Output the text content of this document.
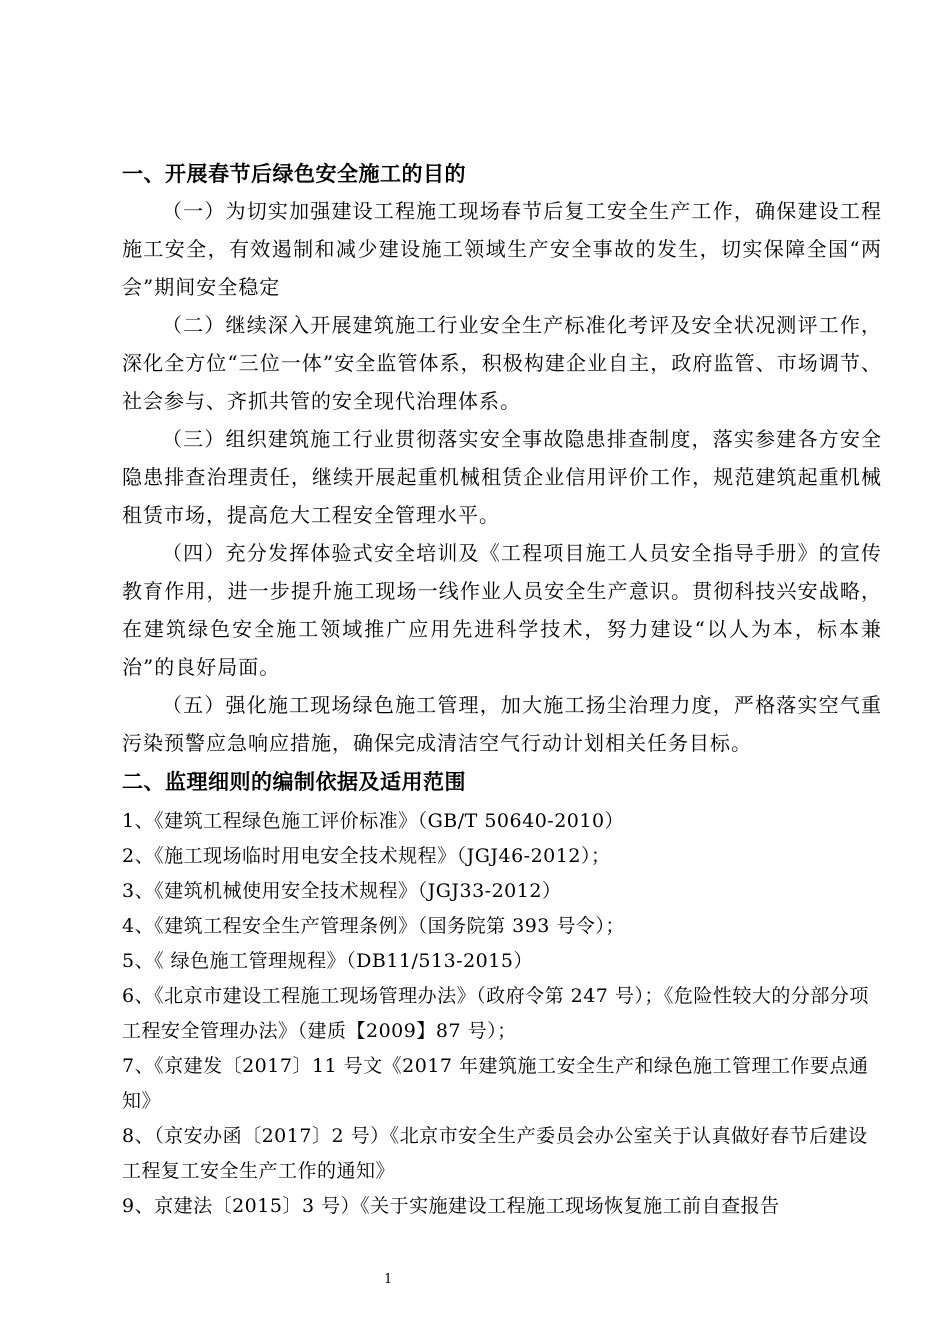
一、开展春节后绿色安全施工的目的

（一）为切实加强建设工程施工现场春节后复工安全生产工作，确保建设工程施工安全，有效遏制和减少建设施工领域生产安全事故的发生，切实保障全国“两会”期间安全稳定

（二）继续深入开展建筑施工行业安全生产标准化考评及安全状况测评工作，深化全方位“三位一体”安全监管体系，积极构建企业自主，政府监管、市场调节、社会参与、齐抓共管的安全现代治理体系。

（三）组织建筑施工行业贯彻落实安全事故隐患排查制度，落实参建各方安全隐患排查治理责任，继续开展起重机械租赁企业信用评价工作，规范建筑起重机械租赁市场，提高危大工程安全管理水平。

（四）充分发挥体验式安全培训及《工程项目施工人员安全指导手册》的宣传教育作用，进一步提升施工现场一线作业人员安全生产意识。贯彻科技兴安战略，在建筑绿色安全施工领域推广应用先进科学技术，努力建设“以人为本，标本兼治”的良好局面。

（五）强化施工现场绿色施工管理，加大施工扬尘治理力度，严格落实空气重污染预警应急响应措施，确保完成清洁空气行动计划相关任务目标。

二、监理细则的编制依据及适用范围

1、《建筑工程绿色施工评价标准》（GB/T 50640-2010）

2、《施工现场临时用电安全技术规程》（JGJ46-2012）；

3、《建筑机械使用安全技术规程》（JGJ33-2012）

4、《建筑工程安全生产管理条例》（国务院第 393 号令）；

5、《 绿色施工管理规程》（DB11/513-2015）

6、《北京市建设工程施工现场管理办法》（政府令第 247 号）；《危险性较大的分部分项工程安全管理办法》（建质【2009】87 号）；

7、《京建发〔2017〕11 号文《2017 年建筑施工安全生产和绿色施工管理工作要点通知》

8、（京安办函〔2017〕2 号）《北京市安全生产委员会办公室关于认真做好春节后建设工程复工安全生产工作的通知》

9、京建法〔2015〕3 号）《关于实施建设工程施工现场恢复施工前自查报告

1
